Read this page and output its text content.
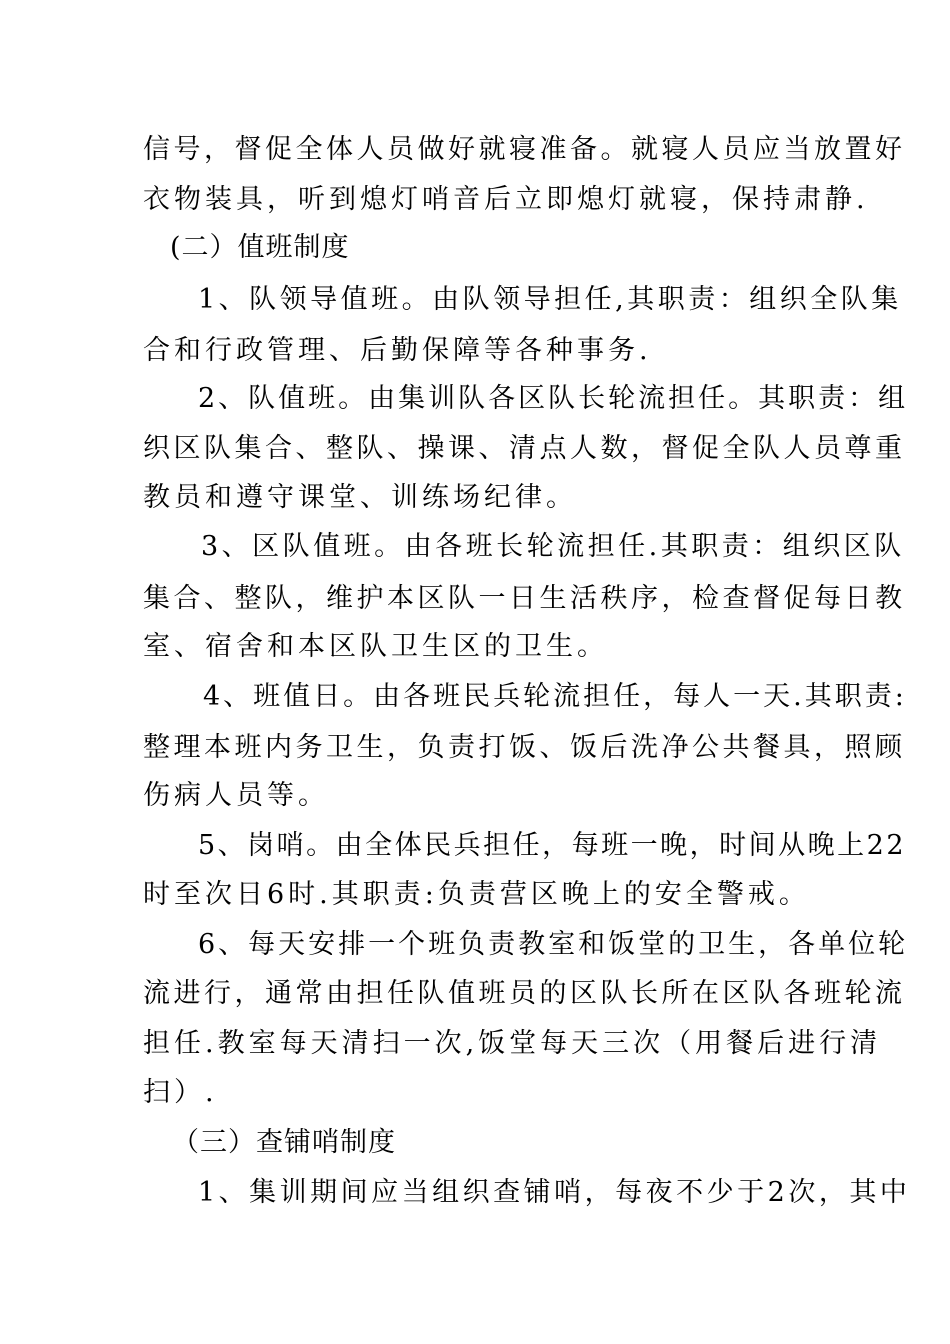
信号，督促全体人员做好就寝准备。就寝人员应当放置好
衣物装具，听到熄灯哨音后立即熄灯就寝，保持肃静.
(二）值班制度
1、队领导值班。由队领导担任,其职责：组织全队集
合和行政管理、后勤保障等各种事务.
2、队值班。由集训队各区队长轮流担任。其职责：组
织区队集合、整队、操课、清点人数，督促全队人员尊重
教员和遵守课堂、训练场纪律。
3、区队值班。由各班长轮流担任.其职责：组织区队
集合、整队，维护本区队一日生活秩序，检查督促每日教
室、宿舍和本区队卫生区的卫生。
4、班值日。由各班民兵轮流担任，每人一天.其职责:
整理本班内务卫生，负责打饭、饭后洗净公共餐具，照顾
伤病人员等。
5、岗哨。由全体民兵担任，每班一晚，时间从晚上22
时至次日6时.其职责:负责营区晚上的安全警戒。
6、每天安排一个班负责教室和饭堂的卫生，各单位轮
流进行，通常由担任队值班员的区队长所在区队各班轮流
担任.教室每天清扫一次,饭堂每天三次（用餐后进行清
扫）.
（三）查铺哨制度
1、集训期间应当组织查铺哨，每夜不少于2次，其中
